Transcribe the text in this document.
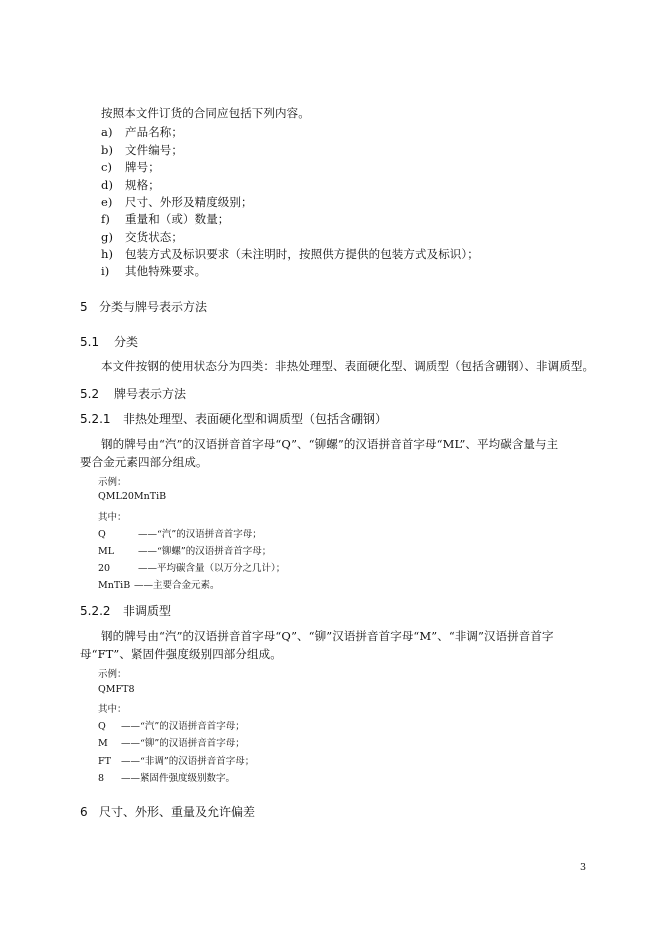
按照本文件订货的合同应包括下列内容。
a) 产品名称；
b) 文件编号；
c) 牌号；
d) 规格；
e) 尺寸、外形及精度级别；
f) 重量和（或）数量；
g) 交货状态；
h) 包装方式及标识要求（未注明时，按照供方提供的包装方式及标识）；
i) 其他特殊要求。
5 分类与牌号表示方法
5.1 分类
本文件按钢的使用状态分为四类：非热处理型、表面硬化型、调质型（包括含硼钢）、非调质型。
5.2 牌号表示方法
5.2.1 非热处理型、表面硬化型和调质型（包括含硼钢）
钢的牌号由“汽”的汉语拼音首字母“Q”、“铆螺”的汉语拼音首字母“ML”、平均碳含量与主
要合金元素四部分组成。
示例：
QML20MnTiB
其中：
Q	——“汽”的汉语拼音首字母；
ML	——“铆螺”的汉语拼音首字母；
20	——平均碳含量（以万分之几计）；
MnTiB ——主要合金元素。
5.2.2 非调质型
钢的牌号由“汽”的汉语拼音首字母“Q”、“铆”汉语拼音首字母“M”、“非调”汉语拼音首字
母“FT”、紧固件强度级别四部分组成。
示例：
QMFT8
其中：
Q ——“汽”的汉语拼音首字母；
M ——“铆”的汉语拼音首字母；
FT ——“非调”的汉语拼音首字母；
8 ——紧固件强度级别数字。
6 尺寸、外形、重量及允许偏差
3
